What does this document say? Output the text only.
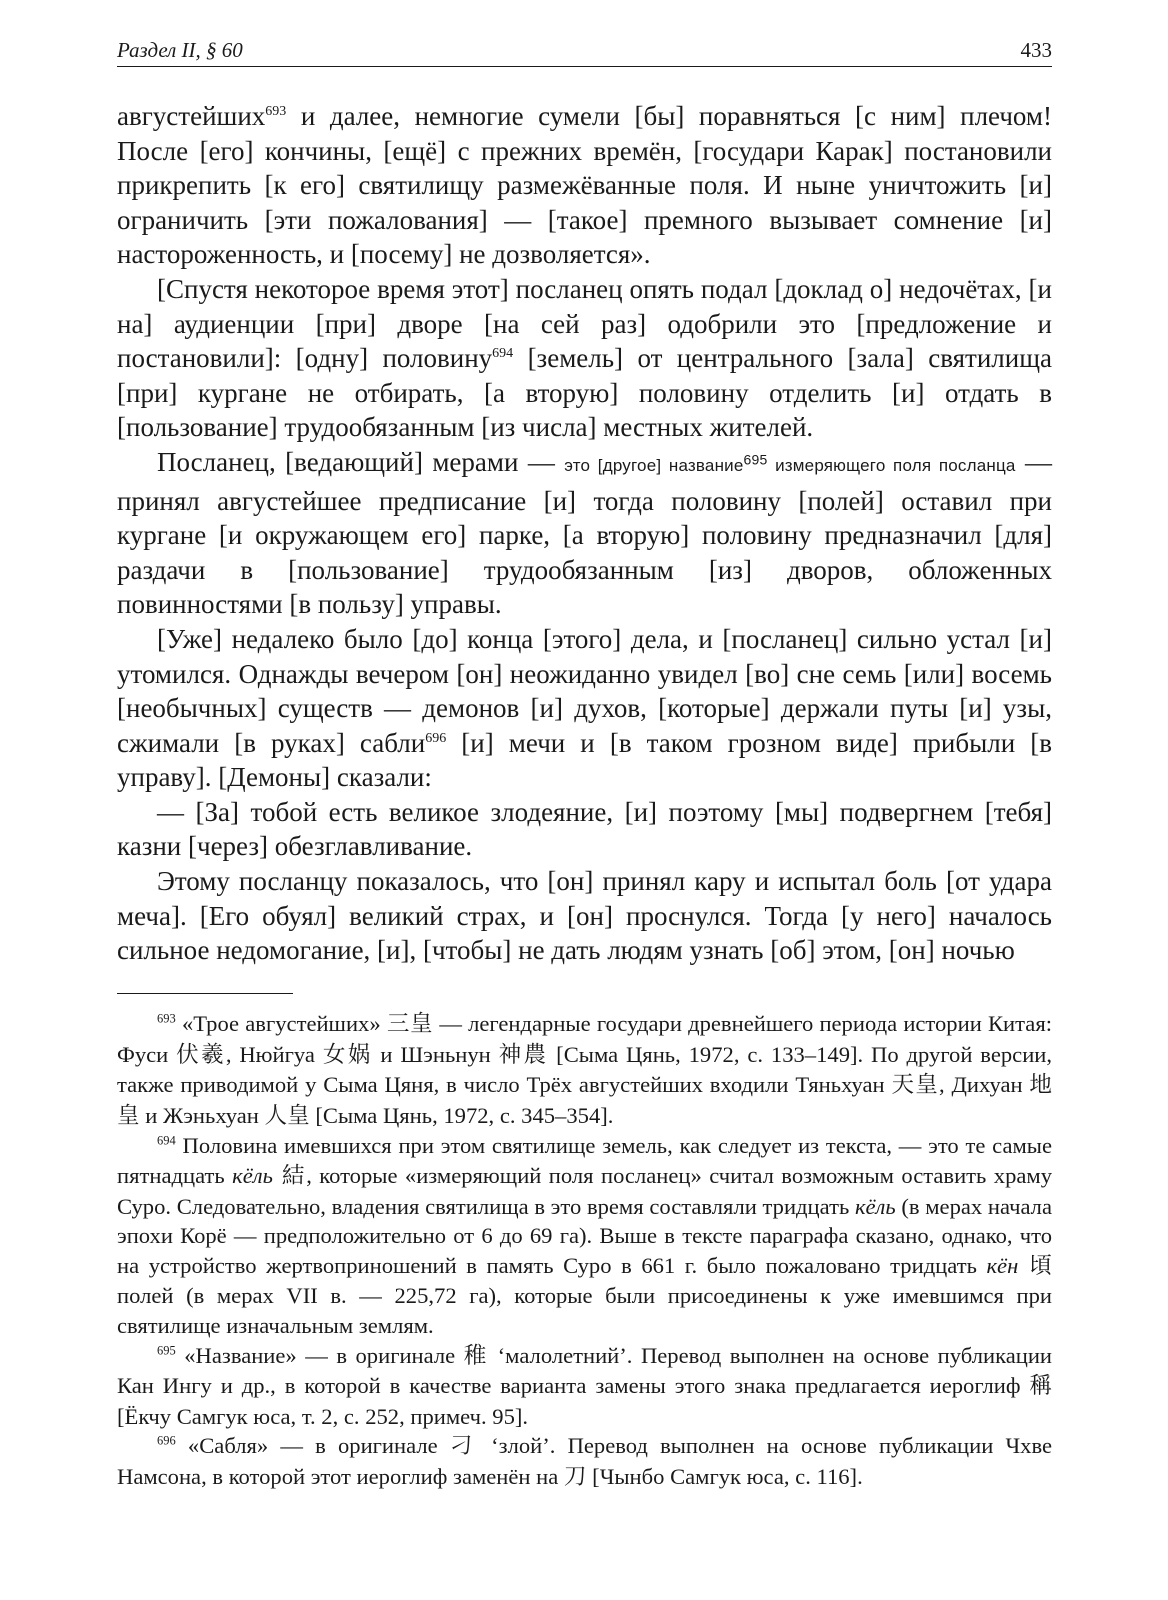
Раздел II, § 60	433

августейших$^{693}$ и далее, немногие сумели [бы] поравняться [с ним] плечом! После [его] кончины, [ещё] с прежних времён, [государи Карак] постановили прикрепить [к его] святилищу размежёванные поля. И ныне уничтожить [и] ограничить [эти пожалования] — [такое] премного вызывает сомнение [и] настороженность, и [посему] не дозволяется».

[Спустя некоторое время этот] посланец опять подал [доклад о] недочётах, [и на] аудиенции [при] дворе [на сей раз] одобрили это [предложение и постановили]: [одну] половину$^{694}$ [земель] от центрального [зала] святилища [при] кургане не отбирать, [а вторую] половину отделить [и] отдать в [пользование] трудообязанным [из числа] местных жителей.

Посланец, [ведающий] мерами — это [другое] название$^{695}$ измеряющего поля посланца — принял августейшее предписание [и] тогда половину [полей] оставил при кургане [и окружающем его] парке, [а вторую] половину предназначил [для] раздачи в [пользование] трудообязанным [из] дворов, обложенных повинностями [в пользу] управы.

[Уже] недалеко было [до] конца [этого] дела, и [посланец] сильно устал [и] утомился. Однажды вечером [он] неожиданно увидел [во] сне семь [или] восемь [необычных] существ — демонов [и] духов, [которые] держали путы [и] узы, сжимали [в руках] сабли$^{696}$ [и] мечи и [в таком грозном виде] прибыли [в управу]. [Демоны] сказали:

— [За] тобой есть великое злодеяние, [и] поэтому [мы] подвергнем [тебя] казни [через] обезглавливание.

Этому посланцу показалось, что [он] принял кару и испытал боль [от удара меча]. [Его обуял] великий страх, и [он] проснулся. Тогда [у него] началось сильное недомогание, [и], [чтобы] не дать людям узнать [об] этом, [он] ночью

$^{693}$ «Трое августейших» 三皇 — легендарные государи древнейшего периода истории Китая: Фуси 伏羲, Нюйгуа 女娲 и Шэньнун 神農 [Сыма Цянь, 1972, с. 133–149]. По другой версии, также приводимой у Сыма Цяня, в число Трёх августейших входили Тяньхуан 天皇, Дихуан 地皇 и Жэньхуан 人皇 [Сыма Цянь, 1972, с. 345–354].

$^{694}$ Половина имевшихся при этом святилище земель, как следует из текста, — это те самые пятнадцать кёль 結, которые «измеряющий поля посланец» считал возможным оставить храму Суро. Следовательно, владения святилища в это время составляли тридцать кёль (в мерах начала эпохи Корё — предположительно от 6 до 69 га). Выше в тексте параграфа сказано, однако, что на устройство жертвоприношений в память Суро в 661 г. было пожаловано тридцать кён 頃 полей (в мерах VII в. — 225,72 га), которые были присоединены к уже имевшимся при святилище изначальным землям.

$^{695}$ «Название» — в оригинале 稚 ‘малолетний’. Перевод выполнен на основе публикации Кан Ингу и др., в которой в качестве варианта замены этого знака предлагается иероглиф 稱 [Ёкчу Самгук юса, т. 2, с. 252, примеч. 95].

$^{696}$ «Сабля» — в оригинале 刁 ‘злой’. Перевод выполнен на основе публикации Чхве Намсона, в которой этот иероглиф заменён на 刀 [Чынбо Самгук юса, с. 116].
